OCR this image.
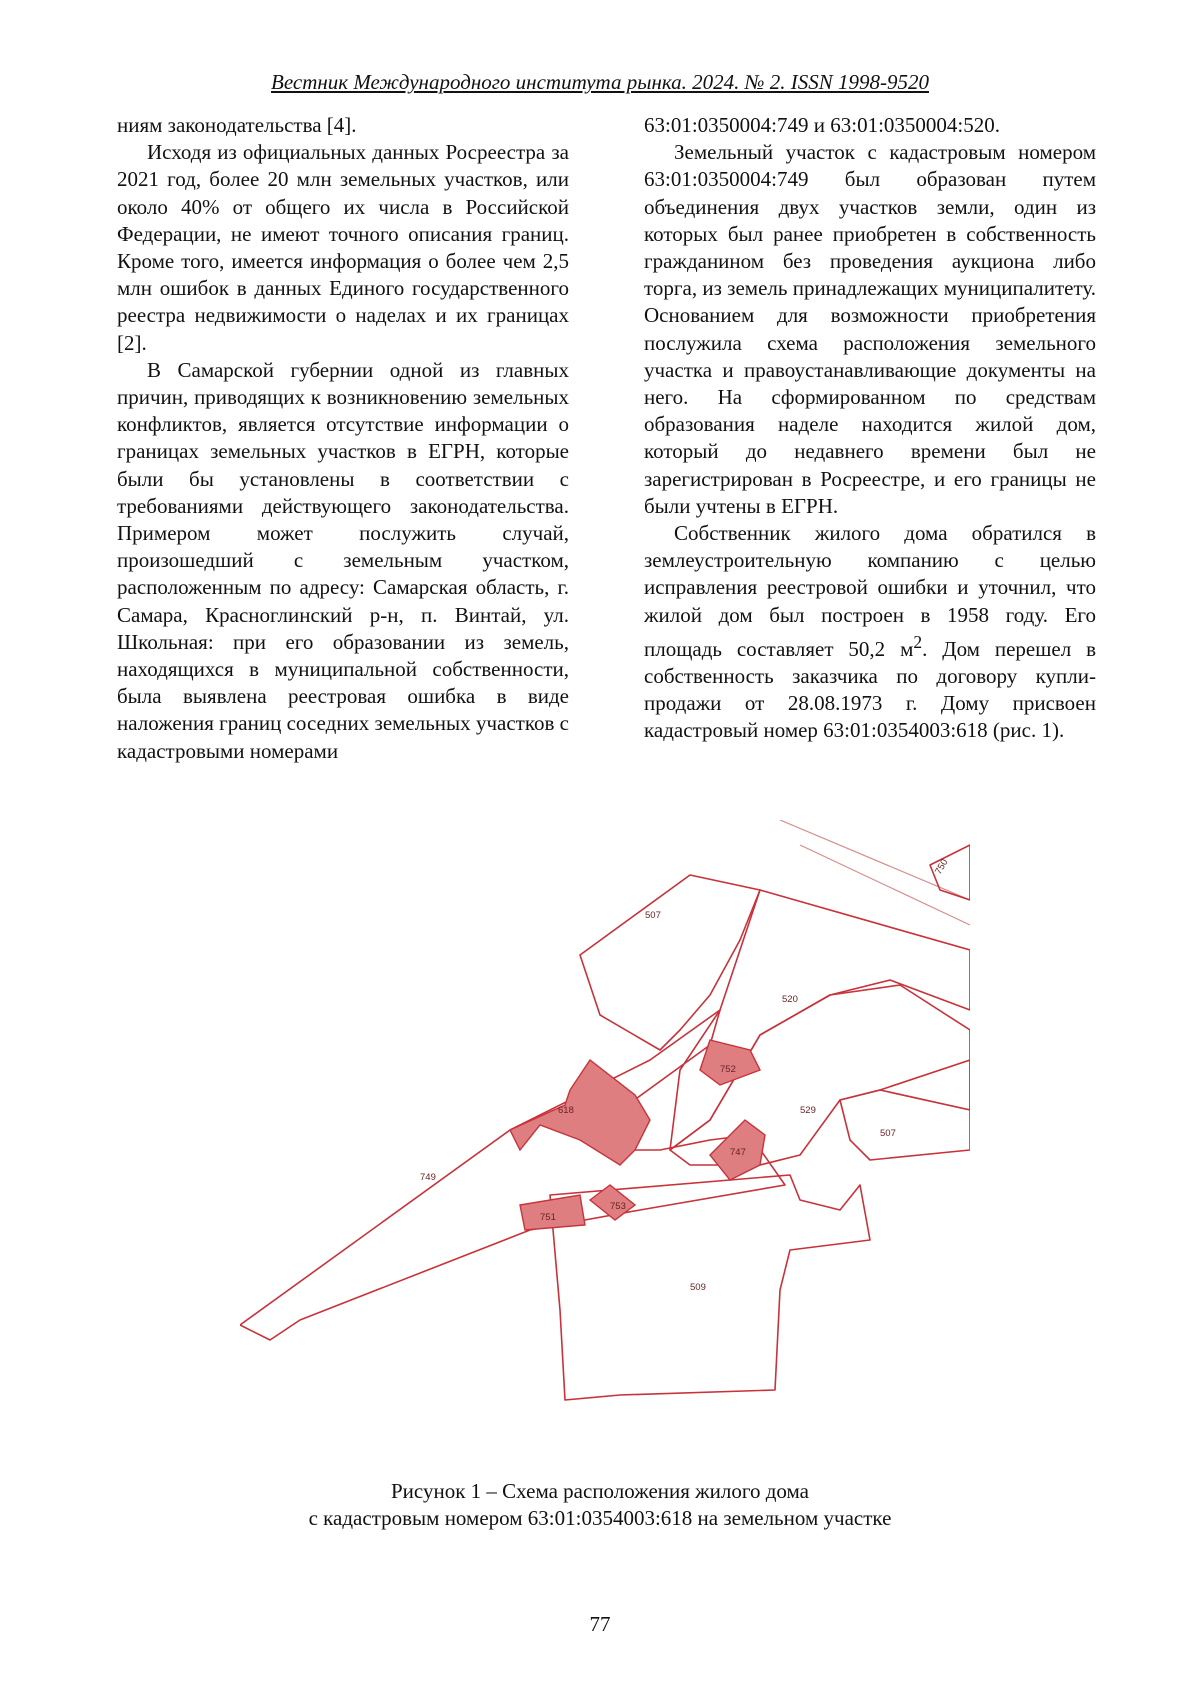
Вестник Международного института рынка. 2024. № 2. ISSN 1998-9520

ниям законодательства [4].

Исходя из официальных данных Росреестра за 2021 год, более 20 млн земельных участков, или около 40% от общего их числа в Российской Федерации, не имеют точного описания границ. Кроме того, имеется информация о более чем 2,5 млн ошибок в данных Единого государственного реестра недвижимости о наделах и их границах [2].

В Самарской губернии одной из главных причин, приводящих к возникновению земельных конфликтов, является отсутствие информации о границах земельных участков в ЕГРН, которые были бы установлены в соответствии с требованиями действующего законодательства. Примером может послужить случай, произошедший с земельным участком, расположенным по адресу: Самарская область, г. Самара, Красноглинский р-н, п. Винтай, ул. Школьная: при его образовании из земель, находящихся в муниципальной собственности, была выявлена реестровая ошибка в виде наложения границ соседних земельных участков с кадастровыми номерами

63:01:0350004:749 и 63:01:0350004:520.

Земельный участок с кадастровым номером 63:01:0350004:749 был образован путем объединения двух участков земли, один из которых был ранее приобретен в собственность гражданином без проведения аукциона либо торга, из земель принадлежащих муниципалитету. Основанием для возможности приобретения послужила схема расположения земельного участка и правоустанавливающие документы на него. На сформированном по средствам образования наделе находится жилой дом, который до недавнего времени был не зарегистрирован в Росреестре, и его границы не были учтены в ЕГРН.

Собственник жилого дома обратился в землеустроительную компанию с целью исправления реестровой ошибки и уточнил, что жилой дом был построен в 1958 году. Его площадь составляет 50,2 $м^2$. Дом перешел в собственность заказчика по договору купли-продажи от 28.08.1973 г. Дому присвоен кадастровый номер 63:01:0354003:618 (рис. 1).

507
520
618
752
529
507
749
753
747
751
509
750
Рисунок 1 – Схема расположения жилого дома
с кадастровым номером 63:01:0354003:618 на земельном участке
77
